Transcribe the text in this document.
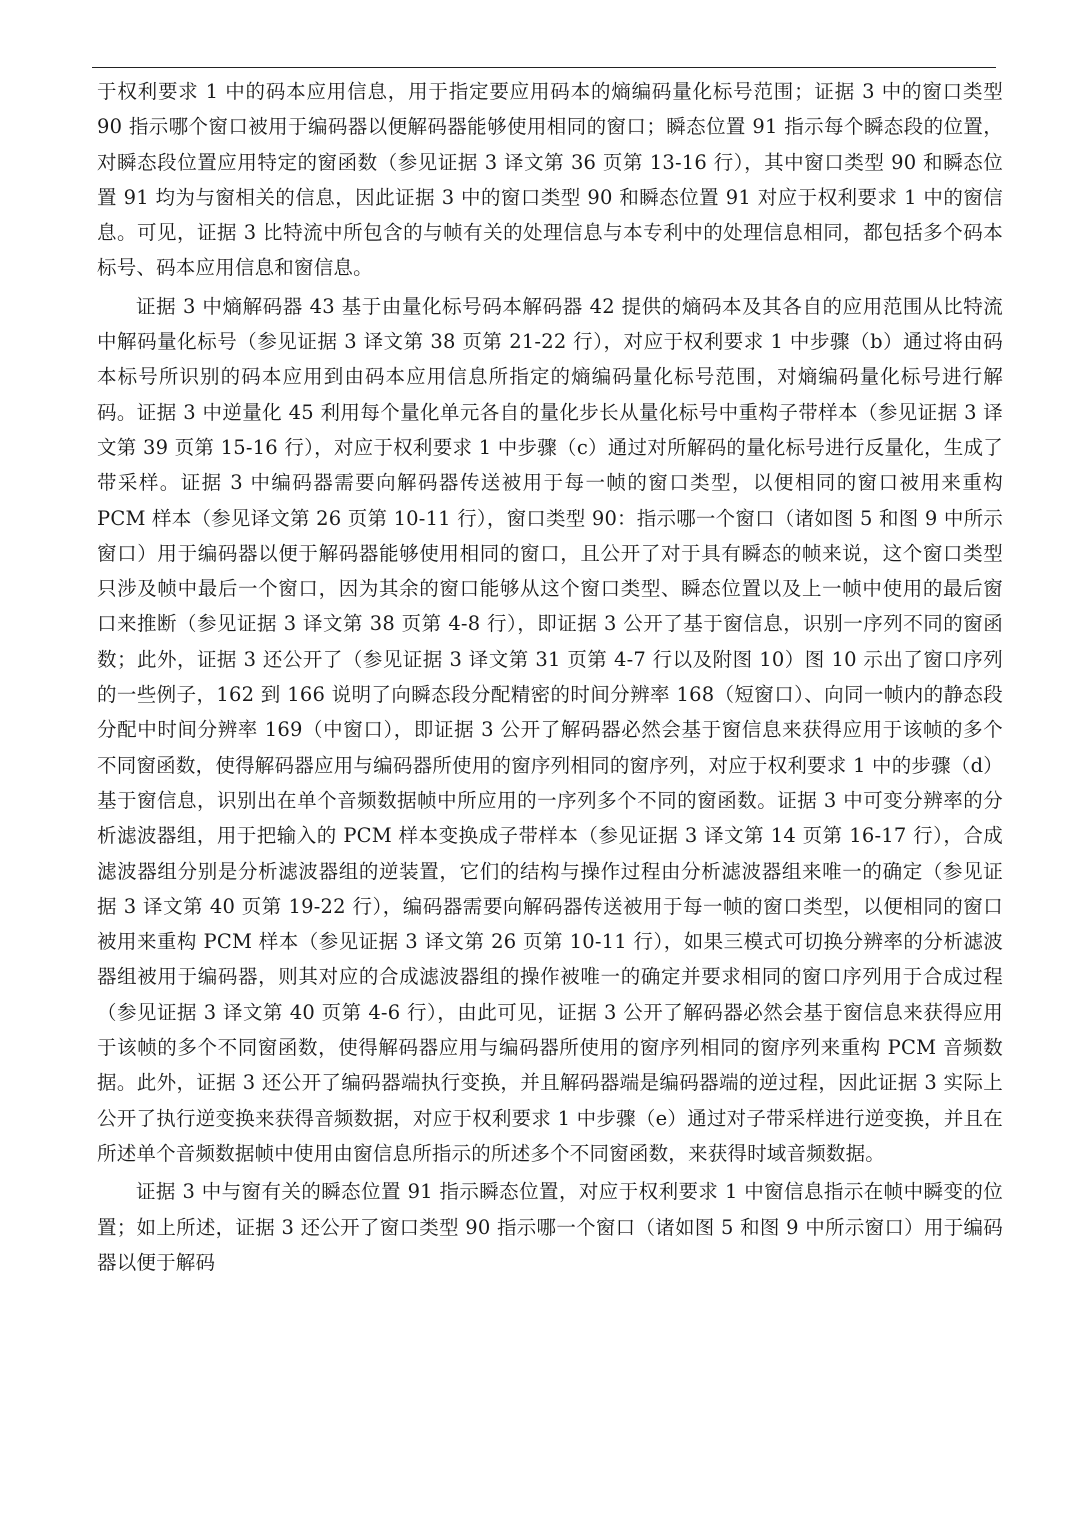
于权利要求 1 中的码本应用信息，用于指定要应用码本的熵编码量化标号范围；证据 3 中的窗口类型 90 指示哪个窗口被用于编码器以便解码器能够使用相同的窗口；瞬态位置 91 指示每个瞬态段的位置，对瞬态段位置应用特定的窗函数（参见证据 3 译文第 36 页第 13-16 行），其中窗口类型 90 和瞬态位置 91 均为与窗相关的信息，因此证据 3 中的窗口类型 90 和瞬态位置 91 对应于权利要求 1 中的窗信息。可见，证据 3 比特流中所包含的与帧有关的处理信息与本专利中的处理信息相同，都包括多个码本标号、码本应用信息和窗信息。

证据 3 中熵解码器 43 基于由量化标号码本解码器 42 提供的熵码本及其各自的应用范围从比特流中解码量化标号（参见证据 3 译文第 38 页第 21-22 行），对应于权利要求 1 中步骤（b）通过将由码本标号所识别的码本应用到由码本应用信息所指定的熵编码量化标号范围，对熵编码量化标号进行解码。证据 3 中逆量化 45 利用每个量化单元各自的量化步长从量化标号中重构子带样本（参见证据 3 译文第 39 页第 15-16 行），对应于权利要求 1 中步骤（c）通过对所解码的量化标号进行反量化，生成了带采样。证据 3 中编码器需要向解码器传送被用于每一帧的窗口类型，以便相同的窗口被用来重构 PCM 样本（参见译文第 26 页第 10-11 行），窗口类型 90：指示哪一个窗口（诸如图 5 和图 9 中所示窗口）用于编码器以便于解码器能够使用相同的窗口，且公开了对于具有瞬态的帧来说，这个窗口类型只涉及帧中最后一个窗口，因为其余的窗口能够从这个窗口类型、瞬态位置以及上一帧中使用的最后窗口来推断（参见证据 3 译文第 38 页第 4-8 行），即证据 3 公开了基于窗信息，识别一序列不同的窗函数；此外，证据 3 还公开了（参见证据 3 译文第 31 页第 4-7 行以及附图 10）图 10 示出了窗口序列的一些例子，162 到 166 说明了向瞬态段分配精密的时间分辨率 168（短窗口）、向同一帧内的静态段分配中时间分辨率 169（中窗口），即证据 3 公开了解码器必然会基于窗信息来获得应用于该帧的多个不同窗函数，使得解码器应用与编码器所使用的窗序列相同的窗序列，对应于权利要求 1 中的步骤（d）基于窗信息，识别出在单个音频数据帧中所应用的一序列多个不同的窗函数。证据 3 中可变分辨率的分析滤波器组，用于把输入的 PCM 样本变换成子带样本（参见证据 3 译文第 14 页第 16-17 行），合成滤波器组分别是分析滤波器组的逆装置，它们的结构与操作过程由分析滤波器组来唯一的确定（参见证据 3 译文第 40 页第 19-22 行），编码器需要向解码器传送被用于每一帧的窗口类型，以便相同的窗口被用来重构 PCM 样本（参见证据 3 译文第 26 页第 10-11 行），如果三模式可切换分辨率的分析滤波器组被用于编码器，则其对应的合成滤波器组的操作被唯一的确定并要求相同的窗口序列用于合成过程（参见证据 3 译文第 40 页第 4-6 行），由此可见，证据 3 公开了解码器必然会基于窗信息来获得应用于该帧的多个不同窗函数，使得解码器应用与编码器所使用的窗序列相同的窗序列来重构 PCM 音频数据。此外，证据 3 还公开了编码器端执行变换，并且解码器端是编码器端的逆过程，因此证据 3 实际上公开了执行逆变换来获得音频数据，对应于权利要求 1 中步骤（e）通过对子带采样进行逆变换，并且在所述单个音频数据帧中使用由窗信息所指示的所述多个不同窗函数，来获得时域音频数据。

证据 3 中与窗有关的瞬态位置 91 指示瞬态位置，对应于权利要求 1 中窗信息指示在帧中瞬变的位置；如上所述，证据 3 还公开了窗口类型 90 指示哪一个窗口（诸如图 5 和图 9 中所示窗口）用于编码器以便于解码
